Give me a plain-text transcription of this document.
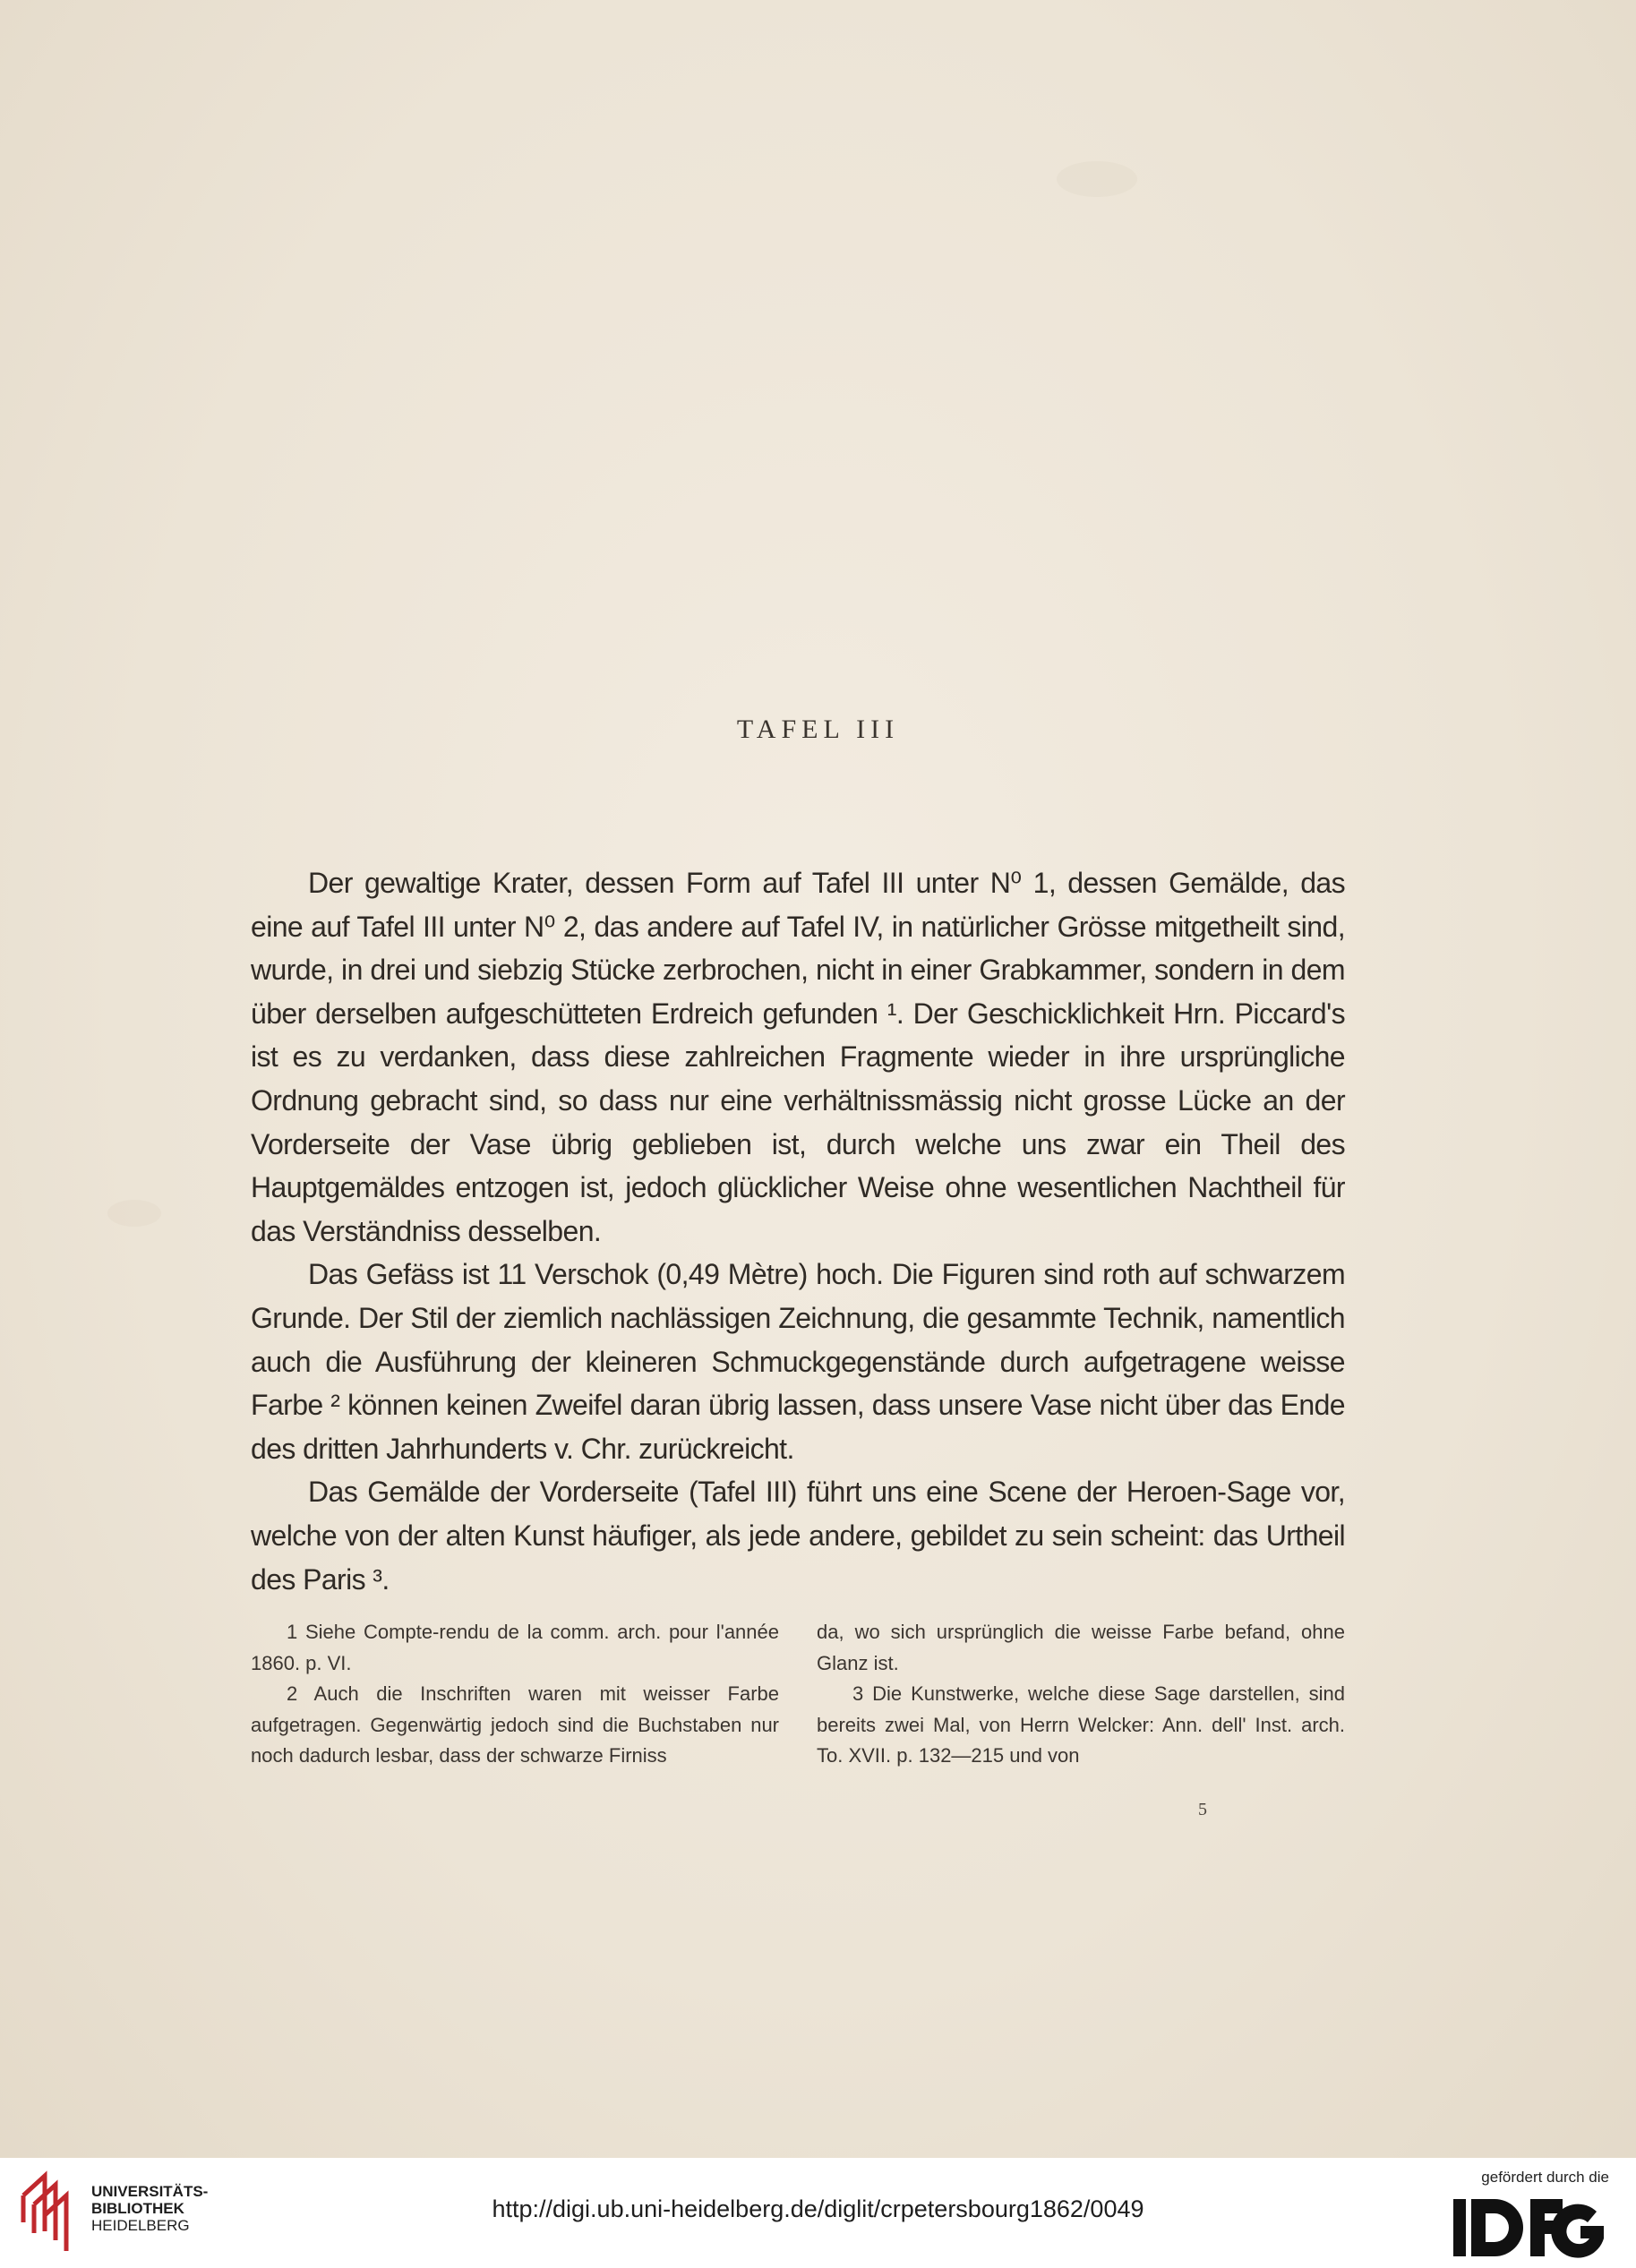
TAFEL III

Der gewaltige Krater, dessen Form auf Tafel III unter N⁰ 1, dessen Gemälde, das eine auf Tafel III unter N⁰ 2, das andere auf Tafel IV, in natürlicher Grösse mitgetheilt sind, wurde, in drei und siebzig Stücke zerbrochen, nicht in einer Grabkammer, sondern in dem über derselben aufgeschütteten Erdreich gefunden ¹. Der Geschicklichkeit Hrn. Piccard's ist es zu verdanken, dass diese zahlreichen Fragmente wieder in ihre ursprüngliche Ordnung gebracht sind, so dass nur eine verhältnissmässig nicht grosse Lücke an der Vorderseite der Vase übrig geblieben ist, durch welche uns zwar ein Theil des Hauptgemäldes entzogen ist, jedoch glücklicher Weise ohne wesentlichen Nachtheil für das Verständniss desselben.

Das Gefäss ist 11 Verschok (0,49 Mètre) hoch. Die Figuren sind roth auf schwarzem Grunde. Der Stil der ziemlich nachlässigen Zeichnung, die gesammte Technik, namentlich auch die Ausführung der kleineren Schmuckgegenstände durch aufgetragene weisse Farbe ² können keinen Zweifel daran übrig lassen, dass unsere Vase nicht über das Ende des dritten Jahrhunderts v. Chr. zurückreicht.

Das Gemälde der Vorderseite (Tafel III) führt uns eine Scene der Heroen-Sage vor, welche von der alten Kunst häufiger, als jede andere, gebildet zu sein scheint: das Urtheil des Paris ³.

1 Siehe Compte-rendu de la comm. arch. pour l'année 1860. p. VI.

2 Auch die Inschriften waren mit weisser Farbe aufgetragen. Gegenwärtig jedoch sind die Buchstaben nur noch dadurch lesbar, dass der schwarze Firniss

da, wo sich ursprünglich die weisse Farbe befand, ohne Glanz ist.

3 Die Kunstwerke, welche diese Sage darstellen, sind bereits zwei Mal, von Herrn Welcker: Ann. dell' Inst. arch. To. XVII. p. 132—215 und von

5
UNIVERSITÄTS-
BIBLIOTHEK
HEIDELBERG
http://digi.ub.uni-heidelberg.de/diglit/crpetersbourg1862/0049
gefördert durch die
